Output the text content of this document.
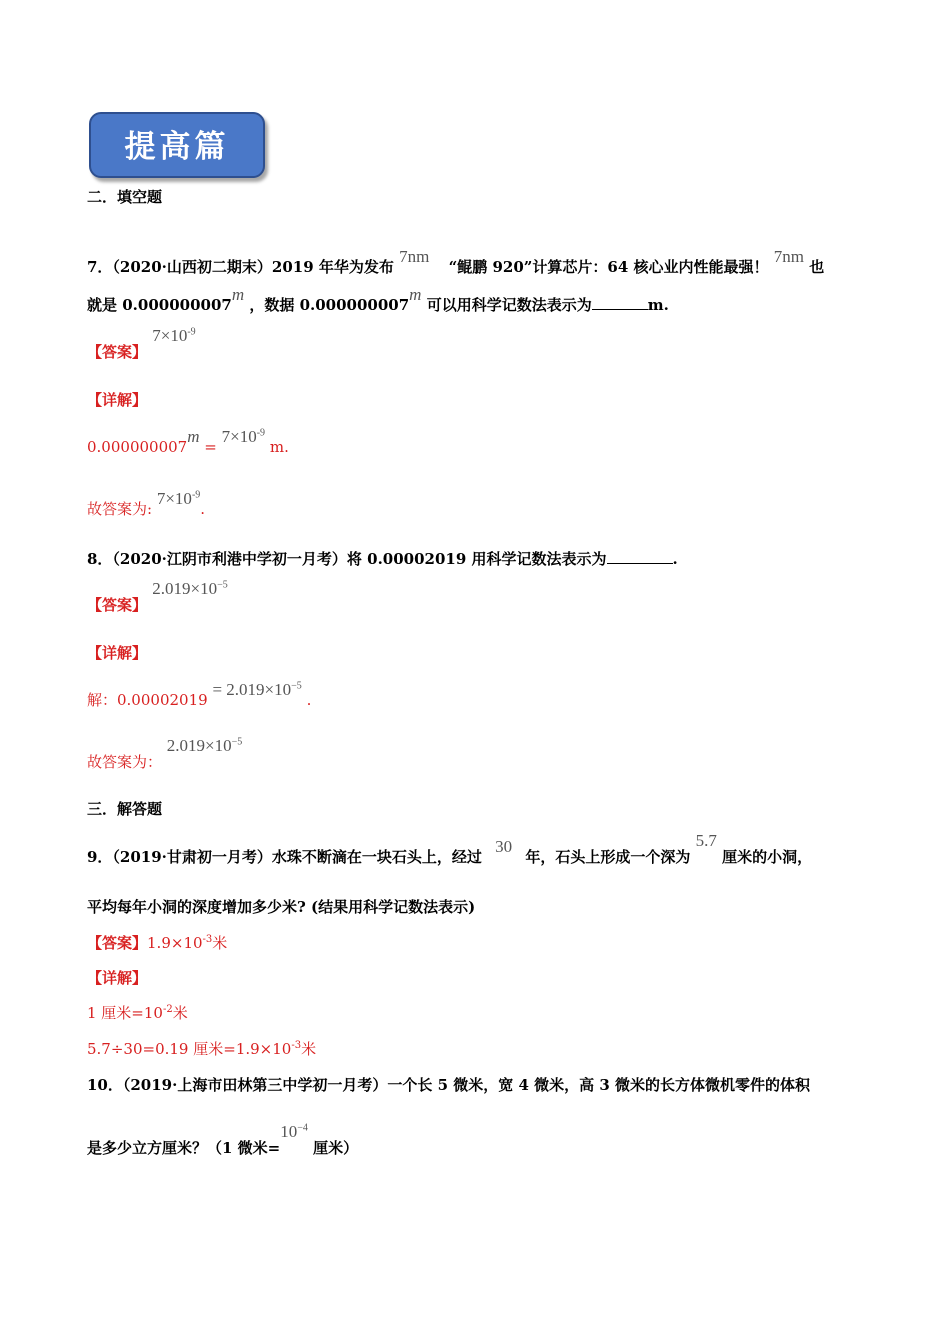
提高篇
二．填空题
7．（2020·山西初二期末）2019 年华为发布 7nm “鲲鹏 920”计算芯片：64 核心业内性能最强！ 7nm 也
就是 0.000000007m ，数据 0.000000007m 可以用科学记数法表示为	m.
【答案】 $7\times 10^{-9}$
【详解】
$0.000000007m = 7\times 10^{-9}$ m.
故答案为: $7\times 10^{-9}$.
8．（2020·江阴市利港中学初一月考）将 0.00002019 用科学记数法表示为	.
【答案】 $2.019\times 10^{-5}$
【详解】
解：$0.00002019 = 2.019\times 10^{-5}$ .
故答案为： $2.019\times 10^{-5}$
三．解答题
9．（2019·甘肃初一月考）水珠不断滴在一块石头上，经过 30 年，石头上形成一个深为 5.7 厘米的小洞，
平均每年小洞的深度增加多少米? (结果用科学记数法表示)
【答案】$1.9\times 10^{-3}$米
【详解】
1 厘米$=10^{-2}$米
5.7÷30=0.19 厘米$=1.9\times 10^{-3}$米
10．（2019·上海市田林第三中学初一月考）一个长 5 微米，宽 4 微米，高 3 微米的长方体微机零件的体积
是多少立方厘米？（1 微米$=10^{-4}$ 厘米）
